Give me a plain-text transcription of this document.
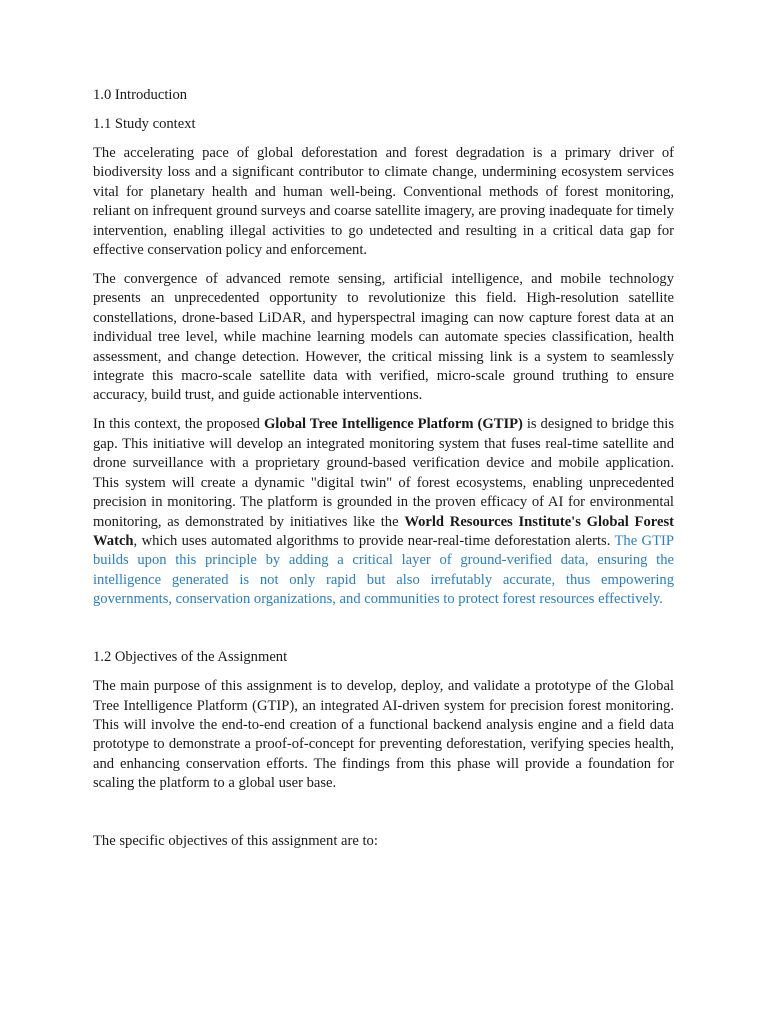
1.0 Introduction
1.1 Study context

The accelerating pace of global deforestation and forest degradation is a primary driver of biodiversity loss and a significant contributor to climate change, undermining ecosystem services vital for planetary health and human well-being. Conventional methods of forest monitoring, reliant on infrequent ground surveys and coarse satellite imagery, are proving inadequate for timely intervention, enabling illegal activities to go undetected and resulting in a critical data gap for effective conservation policy and enforcement.

The convergence of advanced remote sensing, artificial intelligence, and mobile technology presents an unprecedented opportunity to revolutionize this field. High-resolution satellite constellations, drone-based LiDAR, and hyperspectral imaging can now capture forest data at an individual tree level, while machine learning models can automate species classification, health assessment, and change detection. However, the critical missing link is a system to seamlessly integrate this macro-scale satellite data with verified, micro-scale ground truthing to ensure accuracy, build trust, and guide actionable interventions.

In this context, the proposed Global Tree Intelligence Platform (GTIP) is designed to bridge this gap. This initiative will develop an integrated monitoring system that fuses real-time satellite and drone surveillance with a proprietary ground-based verification device and mobile application. This system will create a dynamic "digital twin" of forest ecosystems, enabling unprecedented precision in monitoring. The platform is grounded in the proven efficacy of AI for environmental monitoring, as demonstrated by initiatives like the World Resources Institute's Global Forest Watch, which uses automated algorithms to provide near-real-time deforestation alerts. The GTIP builds upon this principle by adding a critical layer of ground-verified data, ensuring the intelligence generated is not only rapid but also irrefutably accurate, thus empowering governments, conservation organizations, and communities to protect forest resources effectively.

1.2 Objectives of the Assignment

The main purpose of this assignment is to develop, deploy, and validate a prototype of the Global Tree Intelligence Platform (GTIP), an integrated AI-driven system for precision forest monitoring. This will involve the end-to-end creation of a functional backend analysis engine and a field data prototype to demonstrate a proof-of-concept for preventing deforestation, verifying species health, and enhancing conservation efforts. The findings from this phase will provide a foundation for scaling the platform to a global user base.

The specific objectives of this assignment are to:
